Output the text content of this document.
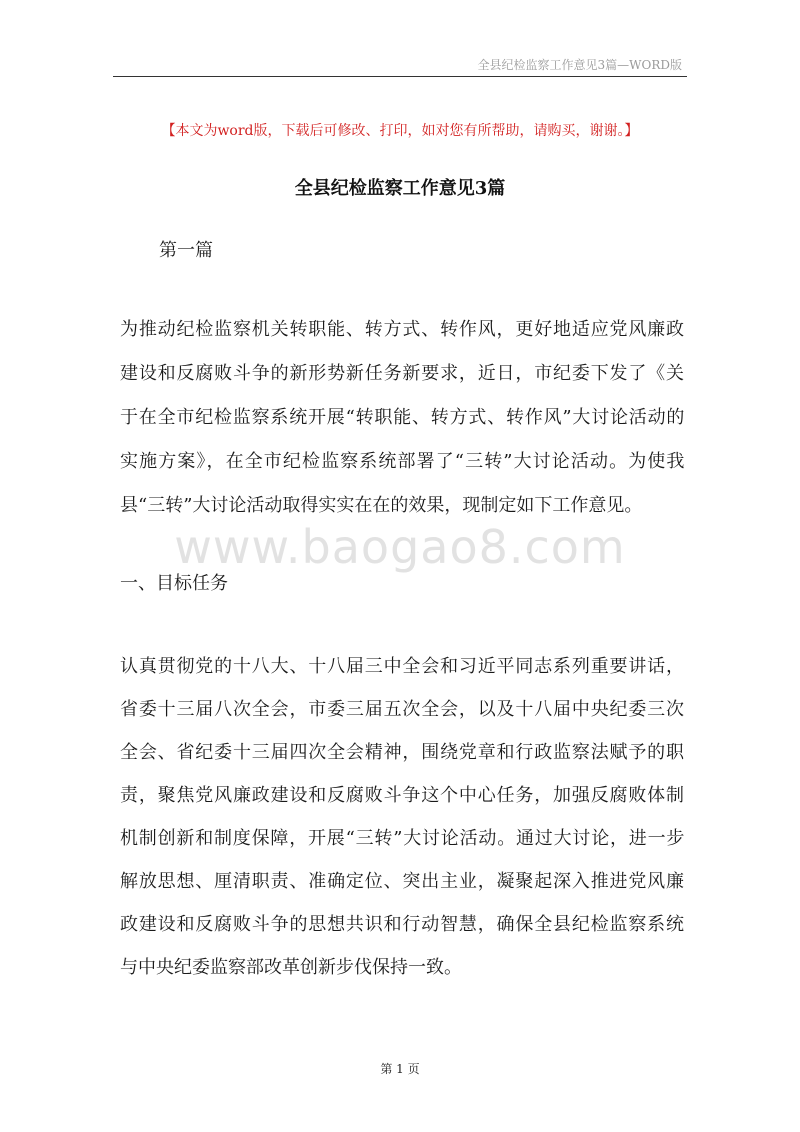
全县纪检监察工作意见3篇—WORD版
【本文为word版，下载后可修改、打印，如对您有所帮助，请购买，谢谢。】
全县纪检监察工作意见3篇
第一篇
为推动纪检监察机关转职能、转方式、转作风，更好地适应党风廉政
建设和反腐败斗争的新形势新任务新要求，近日，市纪委下发了《关
于在全市纪检监察系统开展“转职能、转方式、转作风”大讨论活动的
实施方案》，在全市纪检监察系统部署了“三转”大讨论活动。为使我
县“三转”大讨论活动取得实实在在的效果，现制定如下工作意见。
www.baogao8.com
一、目标任务
认真贯彻党的十八大、十八届三中全会和习近平同志系列重要讲话，
省委十三届八次全会，市委三届五次全会，以及十八届中央纪委三次
全会、省纪委十三届四次全会精神，围绕党章和行政监察法赋予的职
责，聚焦党风廉政建设和反腐败斗争这个中心任务，加强反腐败体制
机制创新和制度保障，开展“三转”大讨论活动。通过大讨论，进一步
解放思想、厘清职责、准确定位、突出主业，凝聚起深入推进党风廉
政建设和反腐败斗争的思想共识和行动智慧，确保全县纪检监察系统
与中央纪委监察部改革创新步伐保持一致。
第 1 页
